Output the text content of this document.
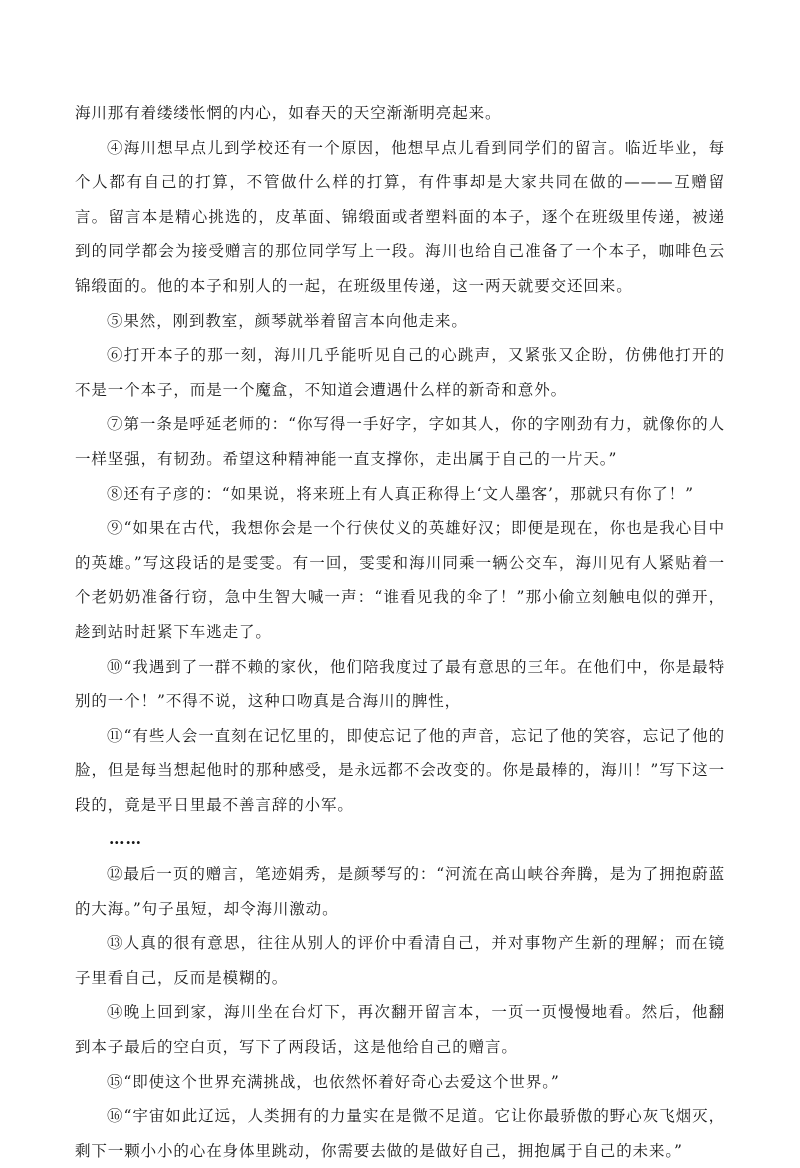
海川那有着缕缕怅惘的内心，如春天的天空渐渐明亮起来。

④海川想早点儿到学校还有一个原因，他想早点儿看到同学们的留言。临近毕业，每个人都有自己的打算，不管做什么样的打算，有件事却是大家共同在做的———互赠留言。留言本是精心挑选的，皮革面、锦缎面或者塑料面的本子，逐个在班级里传递，被递到的同学都会为接受赠言的那位同学写上一段。海川也给自己准备了一个本子，咖啡色云锦缎面的。他的本子和别人的一起，在班级里传递，这一两天就要交还回来。

⑤果然，刚到教室，颜琴就举着留言本向他走来。

⑥打开本子的那一刻，海川几乎能听见自己的心跳声，又紧张又企盼，仿佛他打开的不是一个本子，而是一个魔盒，不知道会遭遇什么样的新奇和意外。

⑦第一条是呼延老师的：“你写得一手好字，字如其人，你的字刚劲有力，就像你的人一样坚强，有韧劲。希望这种精神能一直支撑你，走出属于自己的一片天。”

⑧还有子彦的：“如果说，将来班上有人真正称得上‘文人墨客’，那就只有你了！”

⑨“如果在古代，我想你会是一个行侠仗义的英雄好汉；即便是现在，你也是我心目中的英雄。”写这段话的是雯雯。有一回，雯雯和海川同乘一辆公交车，海川见有人紧贴着一个老奶奶准备行窃，急中生智大喊一声：“谁看见我的伞了！”那小偷立刻触电似的弹开，趁到站时赶紧下车逃走了。

⑩“我遇到了一群不赖的家伙，他们陪我度过了最有意思的三年。在他们中，你是最特别的一个！”不得不说，这种口吻真是合海川的脾性，

⑪“有些人会一直刻在记忆里的，即使忘记了他的声音，忘记了他的笑容，忘记了他的脸，但是每当想起他时的那种感受，是永远都不会改变的。你是最棒的，海川！”写下这一段的，竟是平日里最不善言辞的小军。

……

⑫最后一页的赠言，笔迹娟秀，是颜琴写的：“河流在高山峡谷奔腾，是为了拥抱蔚蓝的大海。”句子虽短，却令海川激动。

⑬人真的很有意思，往往从别人的评价中看清自己，并对事物产生新的理解；而在镜子里看自己，反而是模糊的。

⑭晚上回到家，海川坐在台灯下，再次翻开留言本，一页一页慢慢地看。然后，他翻到本子最后的空白页，写下了两段话，这是他给自己的赠言。

⑮“即使这个世界充满挑战，也依然怀着好奇心去爱这个世界。”

⑯“宇宙如此辽远，人类拥有的力量实在是微不足道。它让你最骄傲的野心灰飞烟灭，剩下一颗小小的心在身体里跳动，你需要去做的是做好自己，拥抱属于自己的未来。”
